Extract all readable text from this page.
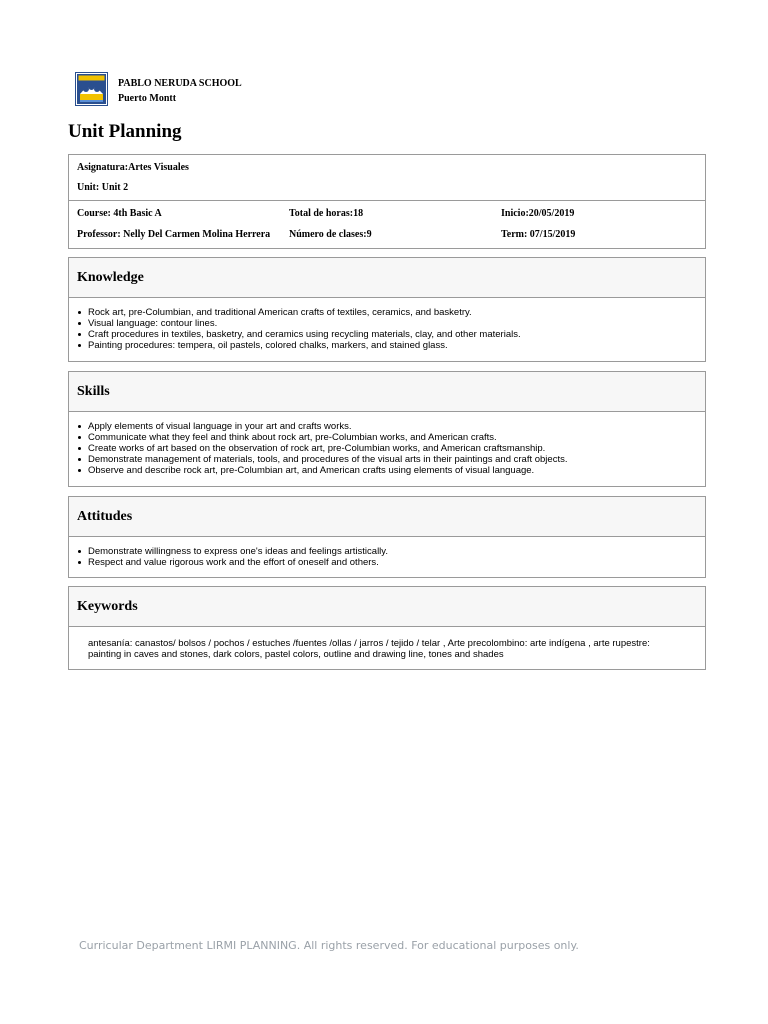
PABLO NERUDA SCHOOL
Puerto Montt
Unit Planning
Asignatura:Artes Visuales
Unit: Unit 2
Course: 4th Basic A	Total de horas:18	Inicio:20/05/2019
Professor: Nelly Del Carmen Molina Herrera	Número de clases:9	Term: 07/15/2019
Knowledge
Rock art, pre-Columbian, and traditional American crafts of textiles, ceramics, and basketry.
Visual language: contour lines.
Craft procedures in textiles, basketry, and ceramics using recycling materials, clay, and other materials.
Painting procedures: tempera, oil pastels, colored chalks, markers, and stained glass.
Skills
Apply elements of visual language in your art and crafts works.
Communicate what they feel and think about rock art, pre-Columbian works, and American crafts.
Create works of art based on the observation of rock art, pre-Columbian works, and American craftsmanship.
Demonstrate management of materials, tools, and procedures of the visual arts in their paintings and craft objects.
Observe and describe rock art, pre-Columbian art, and American crafts using elements of visual language.
Attitudes
Demonstrate willingness to express one's ideas and feelings artistically.
Respect and value rigorous work and the effort of oneself and others.
Keywords
antesanía: canastos/ bolsos / pochos / estuches /fuentes /ollas / jarros / tejido / telar , Arte precolombino: arte indígena , arte rupestre:
painting in caves and stones, dark colors, pastel colors, outline and drawing line, tones and shades
Curricular Department LIRMI PLANNING. All rights reserved. For educational purposes only.
